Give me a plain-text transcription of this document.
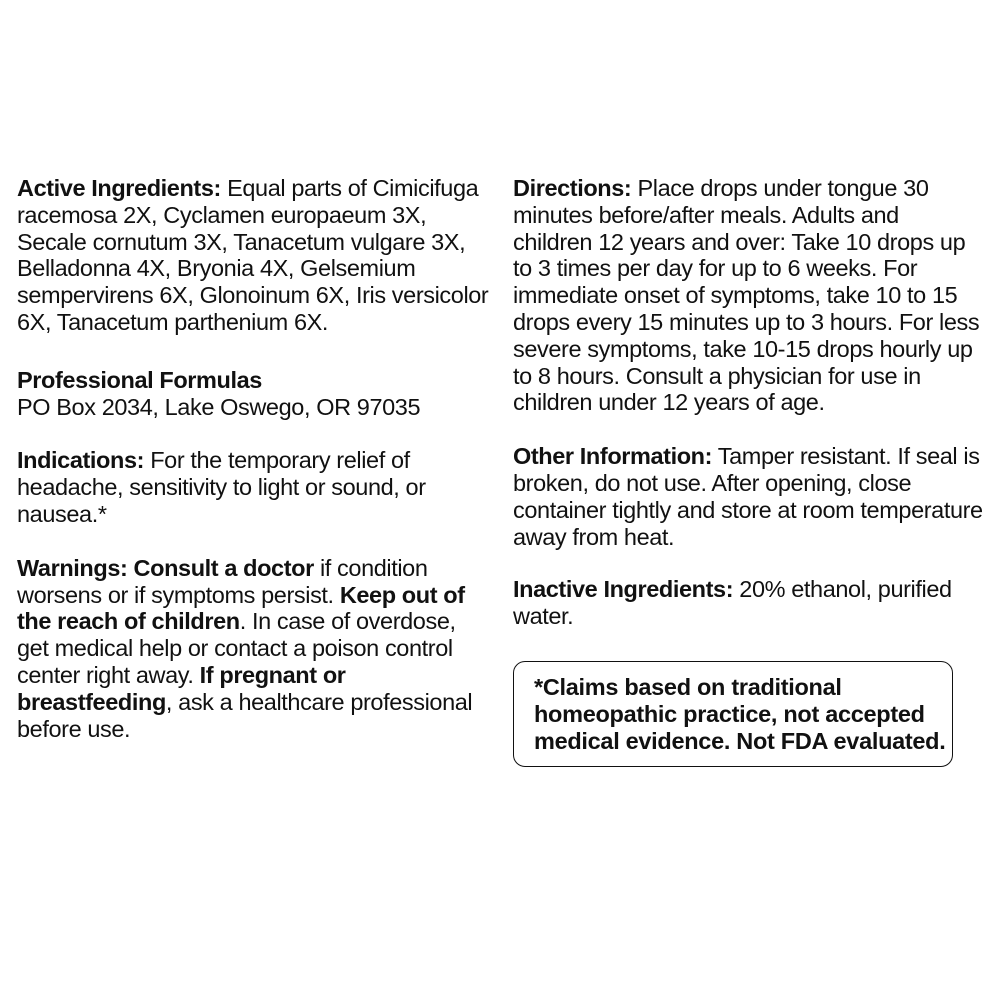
Active Ingredients: Equal parts of Cimicifuga racemosa 2X, Cyclamen europaeum 3X, Secale cornutum 3X, Tanacetum vulgare 3X, Belladonna 4X, Bryonia 4X, Gelsemium sempervirens 6X, Glonoinum 6X, Iris versicolor 6X, Tanacetum parthenium 6X.

Professional Formulas
PO Box 2034, Lake Oswego, OR 97035

Indications: For the temporary relief of headache, sensitivity to light or sound, or nausea.*

Warnings: Consult a doctor if condition worsens or if symptoms persist. Keep out of the reach of children. In case of overdose, get medical help or contact a poison control center right away. If pregnant or breastfeeding, ask a healthcare professional before use.

Directions: Place drops under tongue 30 minutes before/after meals. Adults and children 12 years and over: Take 10 drops up to 3 times per day for up to 6 weeks. For immediate onset of symptoms, take 10 to 15 drops every 15 minutes up to 3 hours. For less severe symptoms, take 10-15 drops hourly up to 8 hours. Consult a physician for use in children under 12 years of age.

Other Information: Tamper resistant. If seal is broken, do not use. After opening, close container tightly and store at room temperature away from heat.

Inactive Ingredients: 20% ethanol, purified water.

*Claims based on traditional homeopathic practice, not accepted medical evidence. Not FDA evaluated.
